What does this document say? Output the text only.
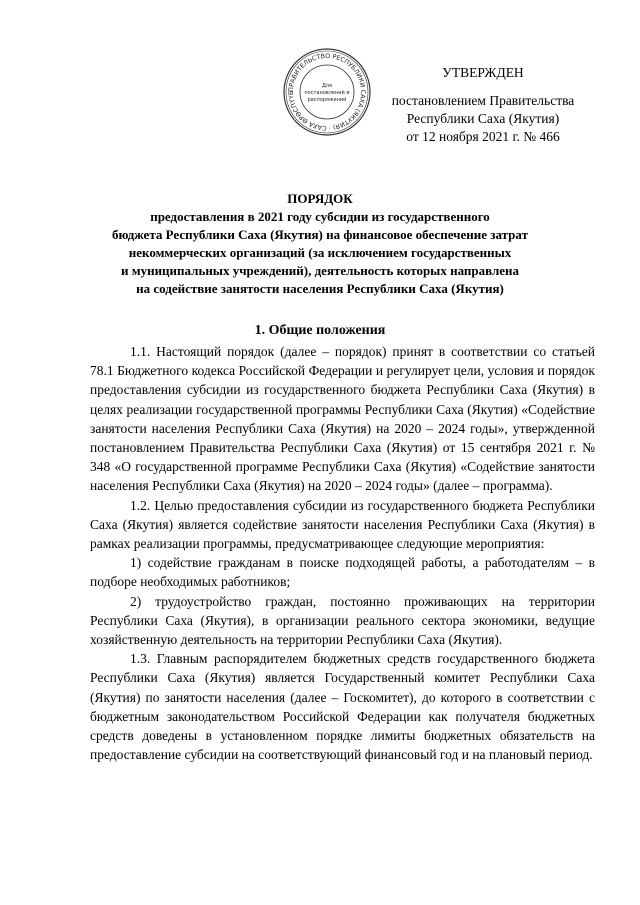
ПРАВИТЕЛЬСТВО РЕСПУБЛИКИ САХА (ЯКУТИЯ) · САХА ӨРӨСПҮҮБ
Для
постановлений и
распоряжений
УТВЕРЖДЕН
постановлением Правительства
Республики Саха (Якутия)
от 12 ноября 2021 г. № 466
ПОРЯДОК
предоставления в 2021 году субсидии из государственного
бюджета Республики Саха (Якутия) на финансовое обеспечение затрат
некоммерческих организаций (за исключением государственных
и муниципальных учреждений), деятельность которых направлена
на содействие занятости населения Республики Саха (Якутия)
1. Общие положения

1.1. Настоящий порядок (далее – порядок) принят в соответствии со статьей 78.1 Бюджетного кодекса Российской Федерации и регулирует цели, условия и порядок предоставления субсидии из государственного бюджета Республики Саха (Якутия) в целях реализации государственной программы Республики Саха (Якутия) «Содействие занятости населения Республики Саха (Якутия) на 2020 – 2024 годы», утвержденной постановлением Правительства Республики Саха (Якутия) от 15 сентября 2021 г. № 348 «О государственной программе Республики Саха (Якутия) «Содействие занятости населения Республики Саха (Якутия) на 2020 – 2024 годы» (далее – программа).

1.2. Целью предоставления субсидии из государственного бюджета Республики Саха (Якутия) является содействие занятости населения Республики Саха (Якутия) в рамках реализации программы, предусматривающее следующие мероприятия:

1) содействие гражданам в поиске подходящей работы, а работодателям – в подборе необходимых работников;

2) трудоустройство граждан, постоянно проживающих на территории Республики Саха (Якутия), в организации реального сектора экономики, ведущие хозяйственную деятельность на территории Республики Саха (Якутия).

1.3. Главным распорядителем бюджетных средств государственного бюджета Республики Саха (Якутия) является Государственный комитет Республики Саха (Якутия) по занятости населения (далее – Госкомитет), до которого в соответствии с бюджетным законодательством Российской Федерации как получателя бюджетных средств доведены в установленном порядке лимиты бюджетных обязательств на предоставление субсидии на соответствующий финансовый год и на плановый период.
